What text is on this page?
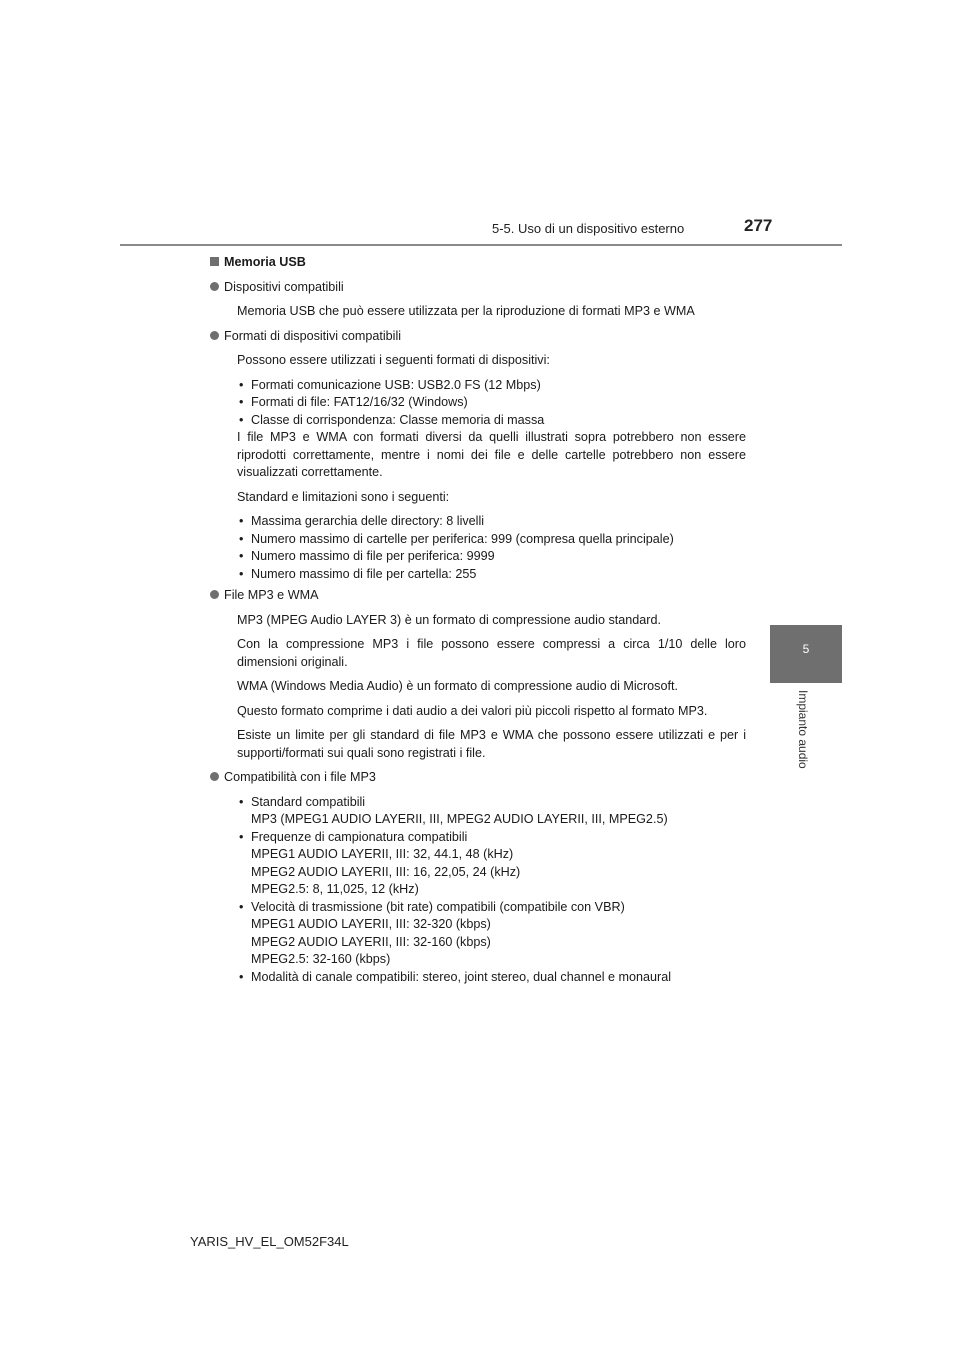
5-5. Uso di un dispositivo esterno	277
5
Impianto audio
Memoria USB
Dispositivi compatibili
Memoria USB che può essere utilizzata per la riproduzione di formati MP3 e WMA
Formati di dispositivi compatibili
Possono essere utilizzati i seguenti formati di dispositivi:
• Formati comunicazione USB: USB2.0 FS (12 Mbps)
• Formati di file: FAT12/16/32 (Windows)
• Classe di corrispondenza: Classe memoria di massa
I file MP3 e WMA con formati diversi da quelli illustrati sopra potrebbero non essere riprodotti correttamente, mentre i nomi dei file e delle cartelle potrebbero non essere visualizzati correttamente.
Standard e limitazioni sono i seguenti:
• Massima gerarchia delle directory: 8 livelli
• Numero massimo di cartelle per periferica: 999 (compresa quella principale)
• Numero massimo di file per periferica: 9999
• Numero massimo di file per cartella: 255
File MP3 e WMA
MP3 (MPEG Audio LAYER 3) è un formato di compressione audio standard.
Con la compressione MP3 i file possono essere compressi a circa 1/10 delle loro dimensioni originali.
WMA (Windows Media Audio) è un formato di compressione audio di Microsoft.
Questo formato comprime i dati audio a dei valori più piccoli rispetto al formato MP3.
Esiste un limite per gli standard di file MP3 e WMA che possono essere utilizzati e per i supporti/formati sui quali sono registrati i file.
Compatibilità con i file MP3
• Standard compatibili
MP3 (MPEG1 AUDIO LAYERII, III, MPEG2 AUDIO LAYERII, III, MPEG2.5)
• Frequenze di campionatura compatibili
MPEG1 AUDIO LAYERII, III: 32, 44.1, 48 (kHz)
MPEG2 AUDIO LAYERII, III: 16, 22,05, 24 (kHz)
MPEG2.5: 8, 11,025, 12 (kHz)
• Velocità di trasmissione (bit rate) compatibili (compatibile con VBR)
MPEG1 AUDIO LAYERII, III: 32-320 (kbps)
MPEG2 AUDIO LAYERII, III: 32-160 (kbps)
MPEG2.5: 32-160 (kbps)
• Modalità di canale compatibili: stereo, joint stereo, dual channel e monaural
YARIS_HV_EL_OM52F34L
